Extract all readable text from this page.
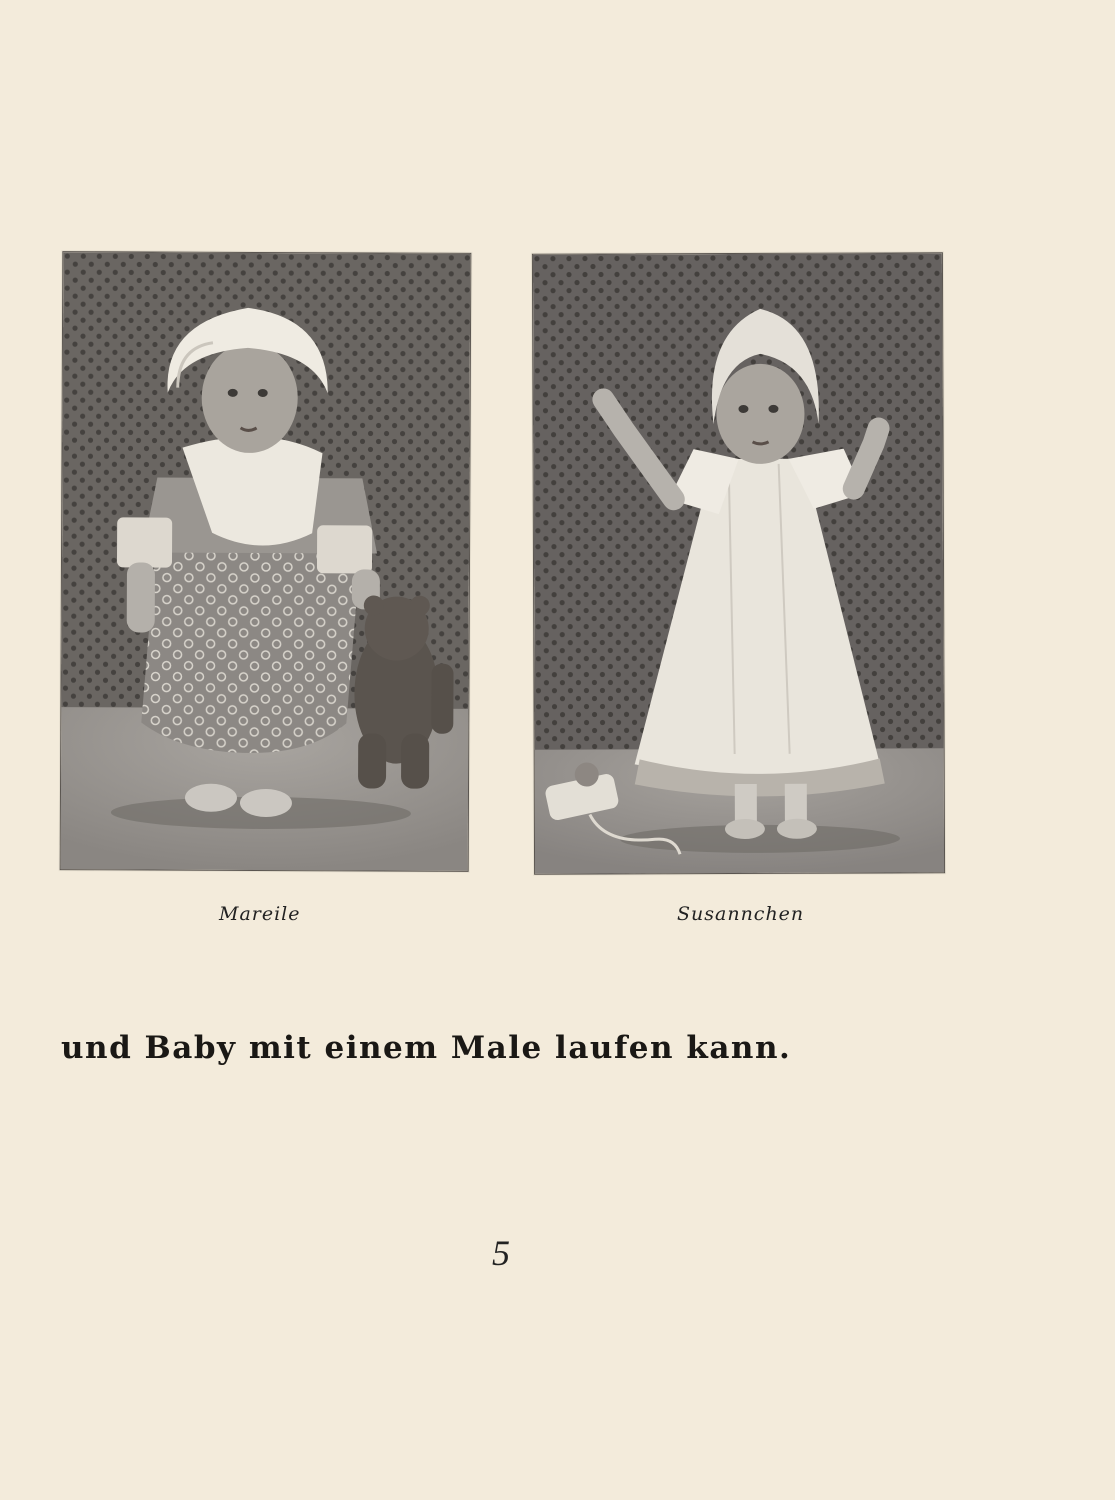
Mareile	Susannchen
und Baby mit einem Male laufen kann.
5
